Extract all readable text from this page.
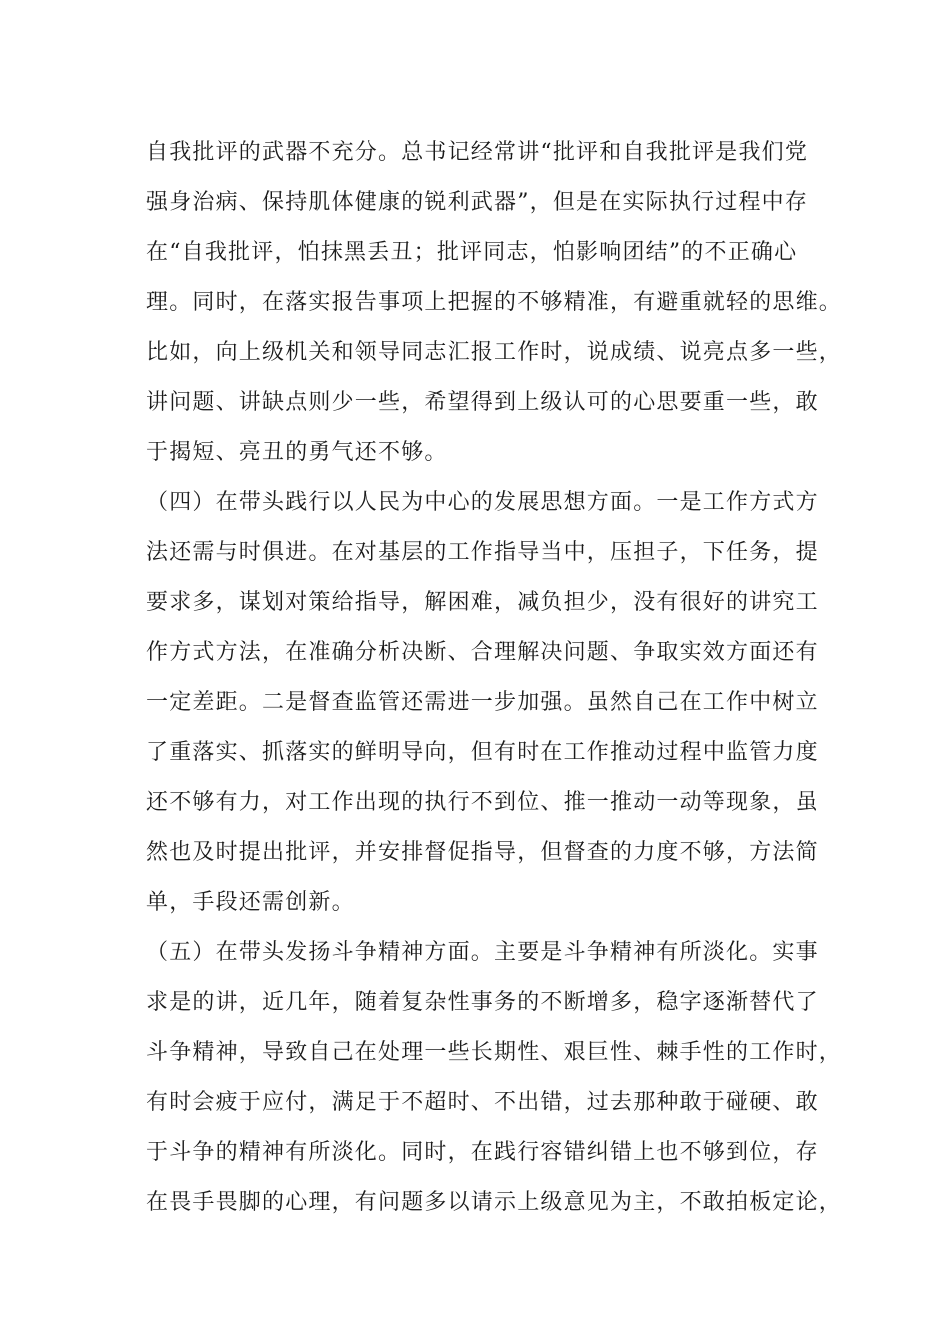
自我批评的武器不充分。总书记经常讲“批评和自我批评是我们党
强身治病、保持肌体健康的锐利武器”，但是在实际执行过程中存
在“自我批评，怕抹黑丢丑；批评同志，怕影响团结”的不正确心
理。同时，在落实报告事项上把握的不够精准，有避重就轻的思维。
比如，向上级机关和领导同志汇报工作时，说成绩、说亮点多一些，
讲问题、讲缺点则少一些，希望得到上级认可的心思要重一些，敢
于揭短、亮丑的勇气还不够。
（四）在带头践行以人民为中心的发展思想方面。一是工作方式方
法还需与时俱进。在对基层的工作指导当中，压担子，下任务，提
要求多，谋划对策给指导，解困难，减负担少，没有很好的讲究工
作方式方法，在准确分析决断、合理解决问题、争取实效方面还有
一定差距。二是督查监管还需进一步加强。虽然自己在工作中树立
了重落实、抓落实的鲜明导向，但有时在工作推动过程中监管力度
还不够有力，对工作出现的执行不到位、推一推动一动等现象，虽
然也及时提出批评，并安排督促指导，但督查的力度不够，方法简
单，手段还需创新。
（五）在带头发扬斗争精神方面。主要是斗争精神有所淡化。实事
求是的讲，近几年，随着复杂性事务的不断增多，稳字逐渐替代了
斗争精神，导致自己在处理一些长期性、艰巨性、棘手性的工作时，
有时会疲于应付，满足于不超时、不出错，过去那种敢于碰硬、敢
于斗争的精神有所淡化。同时，在践行容错纠错上也不够到位，存
在畏手畏脚的心理，有问题多以请示上级意见为主，不敢拍板定论，
